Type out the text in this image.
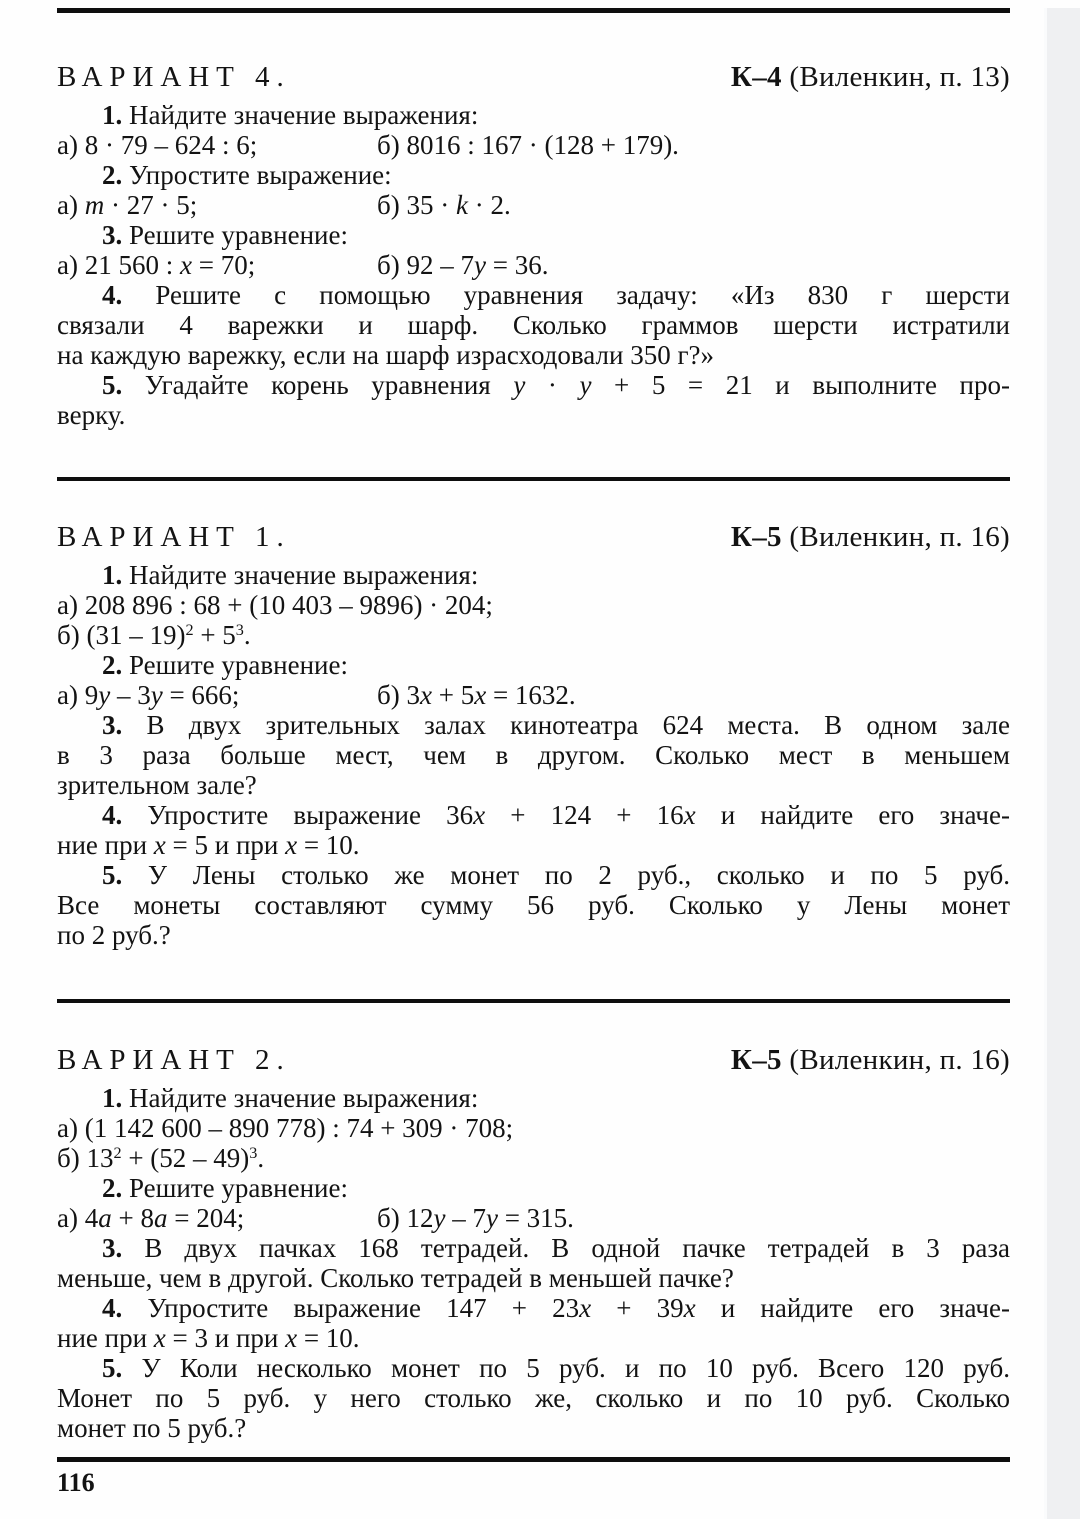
ВАРИАНТ 4.	К–4 (Виленкин, п. 13)
1. Найдите значение выражения:
а) 8 · 79 – 624 : 6;	б) 8016 : 167 · (128 + 179).
2. Упростите выражение:
а) m · 27 · 5;	б) 35 · k · 2.
3. Решите уравнение:
а) 21 560 : x = 70;	б) 92 – 7y = 36.
4. Решите с помощью уравнения задачу: «Из 830 г шерсти
связали 4 варежки и шарф. Сколько граммов шерсти истратили
на каждую варежку, если на шарф израсходовали 350 г?»
5. Угадайте корень уравнения y · y + 5 = 21 и выполните про-
верку.
ВАРИАНТ 1.	К–5 (Виленкин, п. 16)
1. Найдите значение выражения:
а) 208 896 : 68 + (10 403 – 9896) · 204;
б) $(31 - 19)^2 + 5^3$.
2. Решите уравнение:
а) 9y – 3y = 666;	б) 3x + 5x = 1632.
3. В двух зрительных залах кинотеатра 624 места. В одном зале
в 3 раза больше мест, чем в другом. Сколько мест в меньшем
зрительном зале?
4. Упростите выражение 36x + 124 + 16x и найдите его значе-
ние при x = 5 и при x = 10.
5. У Лены столько же монет по 2 руб., сколько и по 5 руб.
Все монеты составляют сумму 56 руб. Сколько у Лены монет
по 2 руб.?
ВАРИАНТ 2.	К–5 (Виленкин, п. 16)
1. Найдите значение выражения:
а) (1 142 600 – 890 778) : 74 + 309 · 708;
б) $13^2 + (52 - 49)^3$.
2. Решите уравнение:
а) 4a + 8a = 204;	б) 12y – 7y = 315.
3. В двух пачках 168 тетрадей. В одной пачке тетрадей в 3 раза
меньше, чем в другой. Сколько тетрадей в меньшей пачке?
4. Упростите выражение 147 + 23x + 39x и найдите его значе-
ние при x = 3 и при x = 10.
5. У Коли несколько монет по 5 руб. и по 10 руб. Всего 120 руб.
Монет по 5 руб. у него столько же, сколько и по 10 руб. Сколько
монет по 5 руб.?
116
